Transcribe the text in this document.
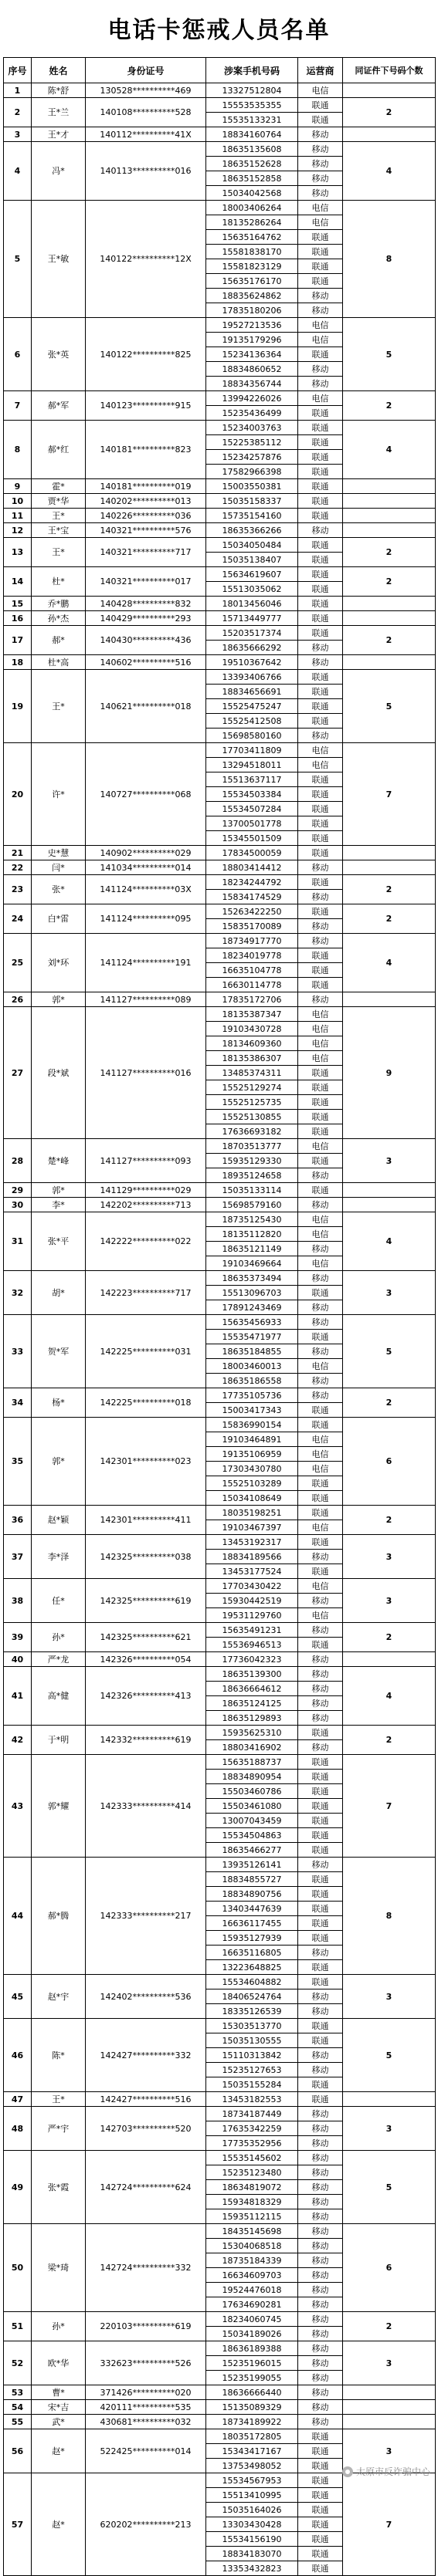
电话卡惩戒人员名单
序号	姓名	身份证号	涉案手机号码	运营商	同证件下号码个数
1	陈*舒	130528**********469	13327512804	电信	
2	王*兰	140108**********528	15553535355	联通	2
			15535133231	联通	
3	王*才	140112**********41X	18834160764	移动	
4	冯*	140113**********016	18635135608	移动	4
			18635152628	移动	
			18635152858	移动	
			15034042568	移动	
5	王*敏	140122**********12X	18003406264	电信	8
			18135286264	电信	
			15635164762	联通	
			15581838170	联通	
			15581823129	联通	
			15635176170	联通	
			18835624862	移动	
			17835180206	移动	
6	张*英	140122**********825	19527213536	电信	5
			19135179296	电信	
			15234136364	联通	
			18834860652	移动	
			18834356744	移动	
7	郝*军	140123**********915	13994226026	电信	2
			15235436499	联通	
8	郝*红	140181**********823	15234003763	联通	4
			15225385112	联通	
			15234257876	联通	
			17582966398	联通	
9	霍*	140181**********019	15003550381	联通	
10	贾*华	140202**********013	15035158337	联通	
11	王*	140226**********036	15735154160	联通	
12	王*宝	140321**********576	18635366266	移动	
13	王*	140321**********717	15034050484	联通	2
			15035138407	联通	
14	杜*	140321**********017	15634619607	联通	2
			15513035062	联通	
15	乔*鹏	140428**********832	18013456046	联通	
16	孙*杰	140429**********293	15713449777	联通	
17	郝*	140430**********436	15203517374	联通	2
			18635666292	移动	
18	杜*高	140602**********516	19510367642	移动	
19	王*	140621**********018	13393406766	联通	5
			18834656691	联通	
			15525475247	联通	
			15525412508	联通	
			15698580160	移动	
20	许*	140727**********068	17703411809	电信	7
			13294518011	电信	
			15513637117	联通	
			15534503384	联通	
			15534507284	联通	
			13700501778	联通	
			15345501509	联通	
21	史*慧	140902**********029	17834500059	联通	
22	闫*	141034**********014	18803414412	移动	
23	张*	141124**********03X	18234244792	联通	2
			15834174529	移动	
24	白*雷	141124**********095	15263422250	联通	2
			15835170089	移动	
25	刘*环	141124**********191	18734917770	移动	4
			18234019778	联通	
			16635104778	联通	
			16630114778	联通	
26	郭*	141127**********089	17835172706	移动	
27	段*斌	141127**********016	18135387347	电信	9
			19103430728	电信	
			18134609360	电信	
			18135386307	电信	
			13485374311	联通	
			15525129274	联通	
			15525125735	联通	
			15525130855	联通	
			17636693182	联通	
28	楚*峰	141127**********093	18703513777	电信	3
			15935129330	联通	
			18935124658	移动	
29	郭*	141129**********029	15035133114	联通	
30	李*	142202**********713	15698579160	移动	
31	张*平	142222**********022	18735125430	电信	4
			18135112820	电信	
			18635121149	移动	
			19103469664	电信	
32	胡*	142223**********717	18635373494	移动	3
			15513096703	联通	
			17891243469	移动	
33	贺*军	142225**********031	15635456933	移动	5
			15535471977	联通	
			18635184855	移动	
			18003460013	电信	
			18635186558	移动	
34	杨*	142225**********018	17735105736	移动	2
			15003417343	联通	
35	郭*	142301**********023	15836990154	联通	6
			19103464891	电信	
			19135106959	电信	
			17303430780	电信	
			15525103289	联通	
			15034108649	联通	
36	赵*颖	142301**********411	18035198251	联通	2
			19103467397	电信	
37	李*泽	142325**********038	13453192317	联通	3
			18834189566	移动	
			13453177524	联通	
38	任*	142325**********619	17703430422	电信	3
			15930442519	移动	
			19531129760	电信	
39	孙*	142325**********621	15635491231	移动	2
			15536946513	联通	
40	严*龙	142326**********054	17736042323	移动	
41	高*健	142326**********413	18635139300	移动	4
			18636664612	移动	
			18635124125	移动	
			18635129893	移动	
42	于*明	142332**********619	15935625310	联通	2
			18803416902	移动	
43	郭*耀	142333**********414	15635188737	联通	7
			18834890954	联通	
			15503460786	联通	
			15503461080	联通	
			13007043459	联通	
			15534504863	联通	
			18635466277	联通	
44	郝*腾	142333**********217	13935126141	移动	8
			18834855727	联通	
			18834890756	联通	
			13403447639	联通	
			16636117455	联通	
			15935127939	联通	
			16635116805	移动	
			13223648825	联通	
45	赵*宇	142402**********536	15534604882	联通	3
			18406524764	移动	
			18335126539	移动	
46	陈*	142427**********332	15303513770	联通	5
			15035130555	联通	
			15110313842	移动	
			15235127653	移动	
			15035155284	联通	
47	王*	142427**********516	13453182553	联通	
48	严*宇	142703**********520	18734187449	移动	3
			17635342259	移动	
			17735352956	移动	
49	张*霞	142724**********624	15535145602	移动	5
			15235123480	移动	
			18634819072	移动	
			15934818329	移动	
			15935112115	移动	
50	梁*琦	142724**********332	18435145698	移动	6
			15304068518	移动	
			18735184339	移动	
			16634609703	移动	
			19524476018	移动	
			17634690281	移动	
51	孙*	220103**********619	18234060745	移动	2
			15034189026	移动	
52	欧*华	332623**********526	18636189388	移动	3
			15235196015	移动	
			15235199055	移动	
53	曹*	371426**********020	18636666440	移动	
54	宋*吉	420111**********535	15135089329	移动	
55	武*	430681**********032	18734189922	移动	
56	赵*	522425**********014	18035172805	联通	3
			15343417167	联通	
			13753498052	联通	
57	赵*	620202**********213	15534567953	联通	7
			15513410995	联通	
			15035164026	联通	
			13303430428	联通	
			15534156190	联通	
			18834183070	联通	
			13353432823	联通	
太原市反诈骗中心
